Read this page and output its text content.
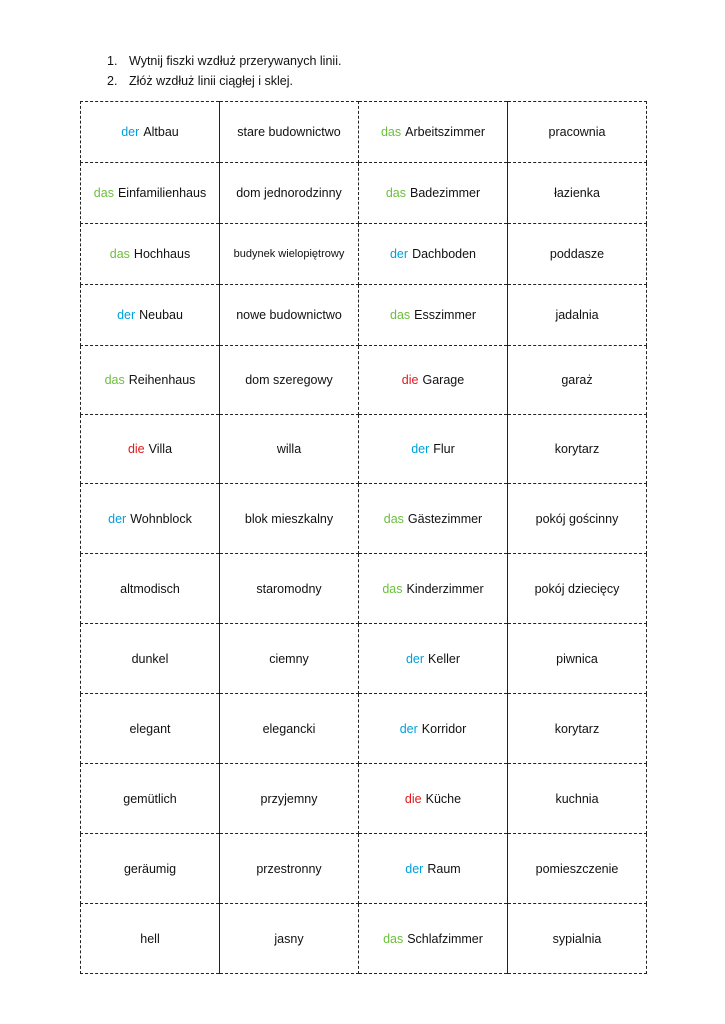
1. Wytnij fiszki wzdłuż przerywanych linii.
2. Złóż wzdłuż linii ciągłej i sklej.
der Altbau	stare budownictwo	das Arbeitszimmer	pracownia
das Einfamilienhaus	dom jednorodzinny	das Badezimmer	łazienka
das Hochhaus	budynek wielopiętrowy	der Dachboden	poddasze
der Neubau	nowe budownictwo	das Esszimmer	jadalnia
das Reihenhaus	dom szeregowy	die Garage	garaż
die Villa	willa	der Flur	korytarz
der Wohnblock	blok mieszkalny	das Gästezimmer	pokój gościnny
altmodisch	staromodny	das Kinderzimmer	pokój dziecięcy
dunkel	ciemny	der Keller	piwnica
elegant	elegancki	der Korridor	korytarz
gemütlich	przyjemny	die Küche	kuchnia
geräumig	przestronny	der Raum	pomieszczenie
hell	jasny	das Schlafzimmer	sypialnia
